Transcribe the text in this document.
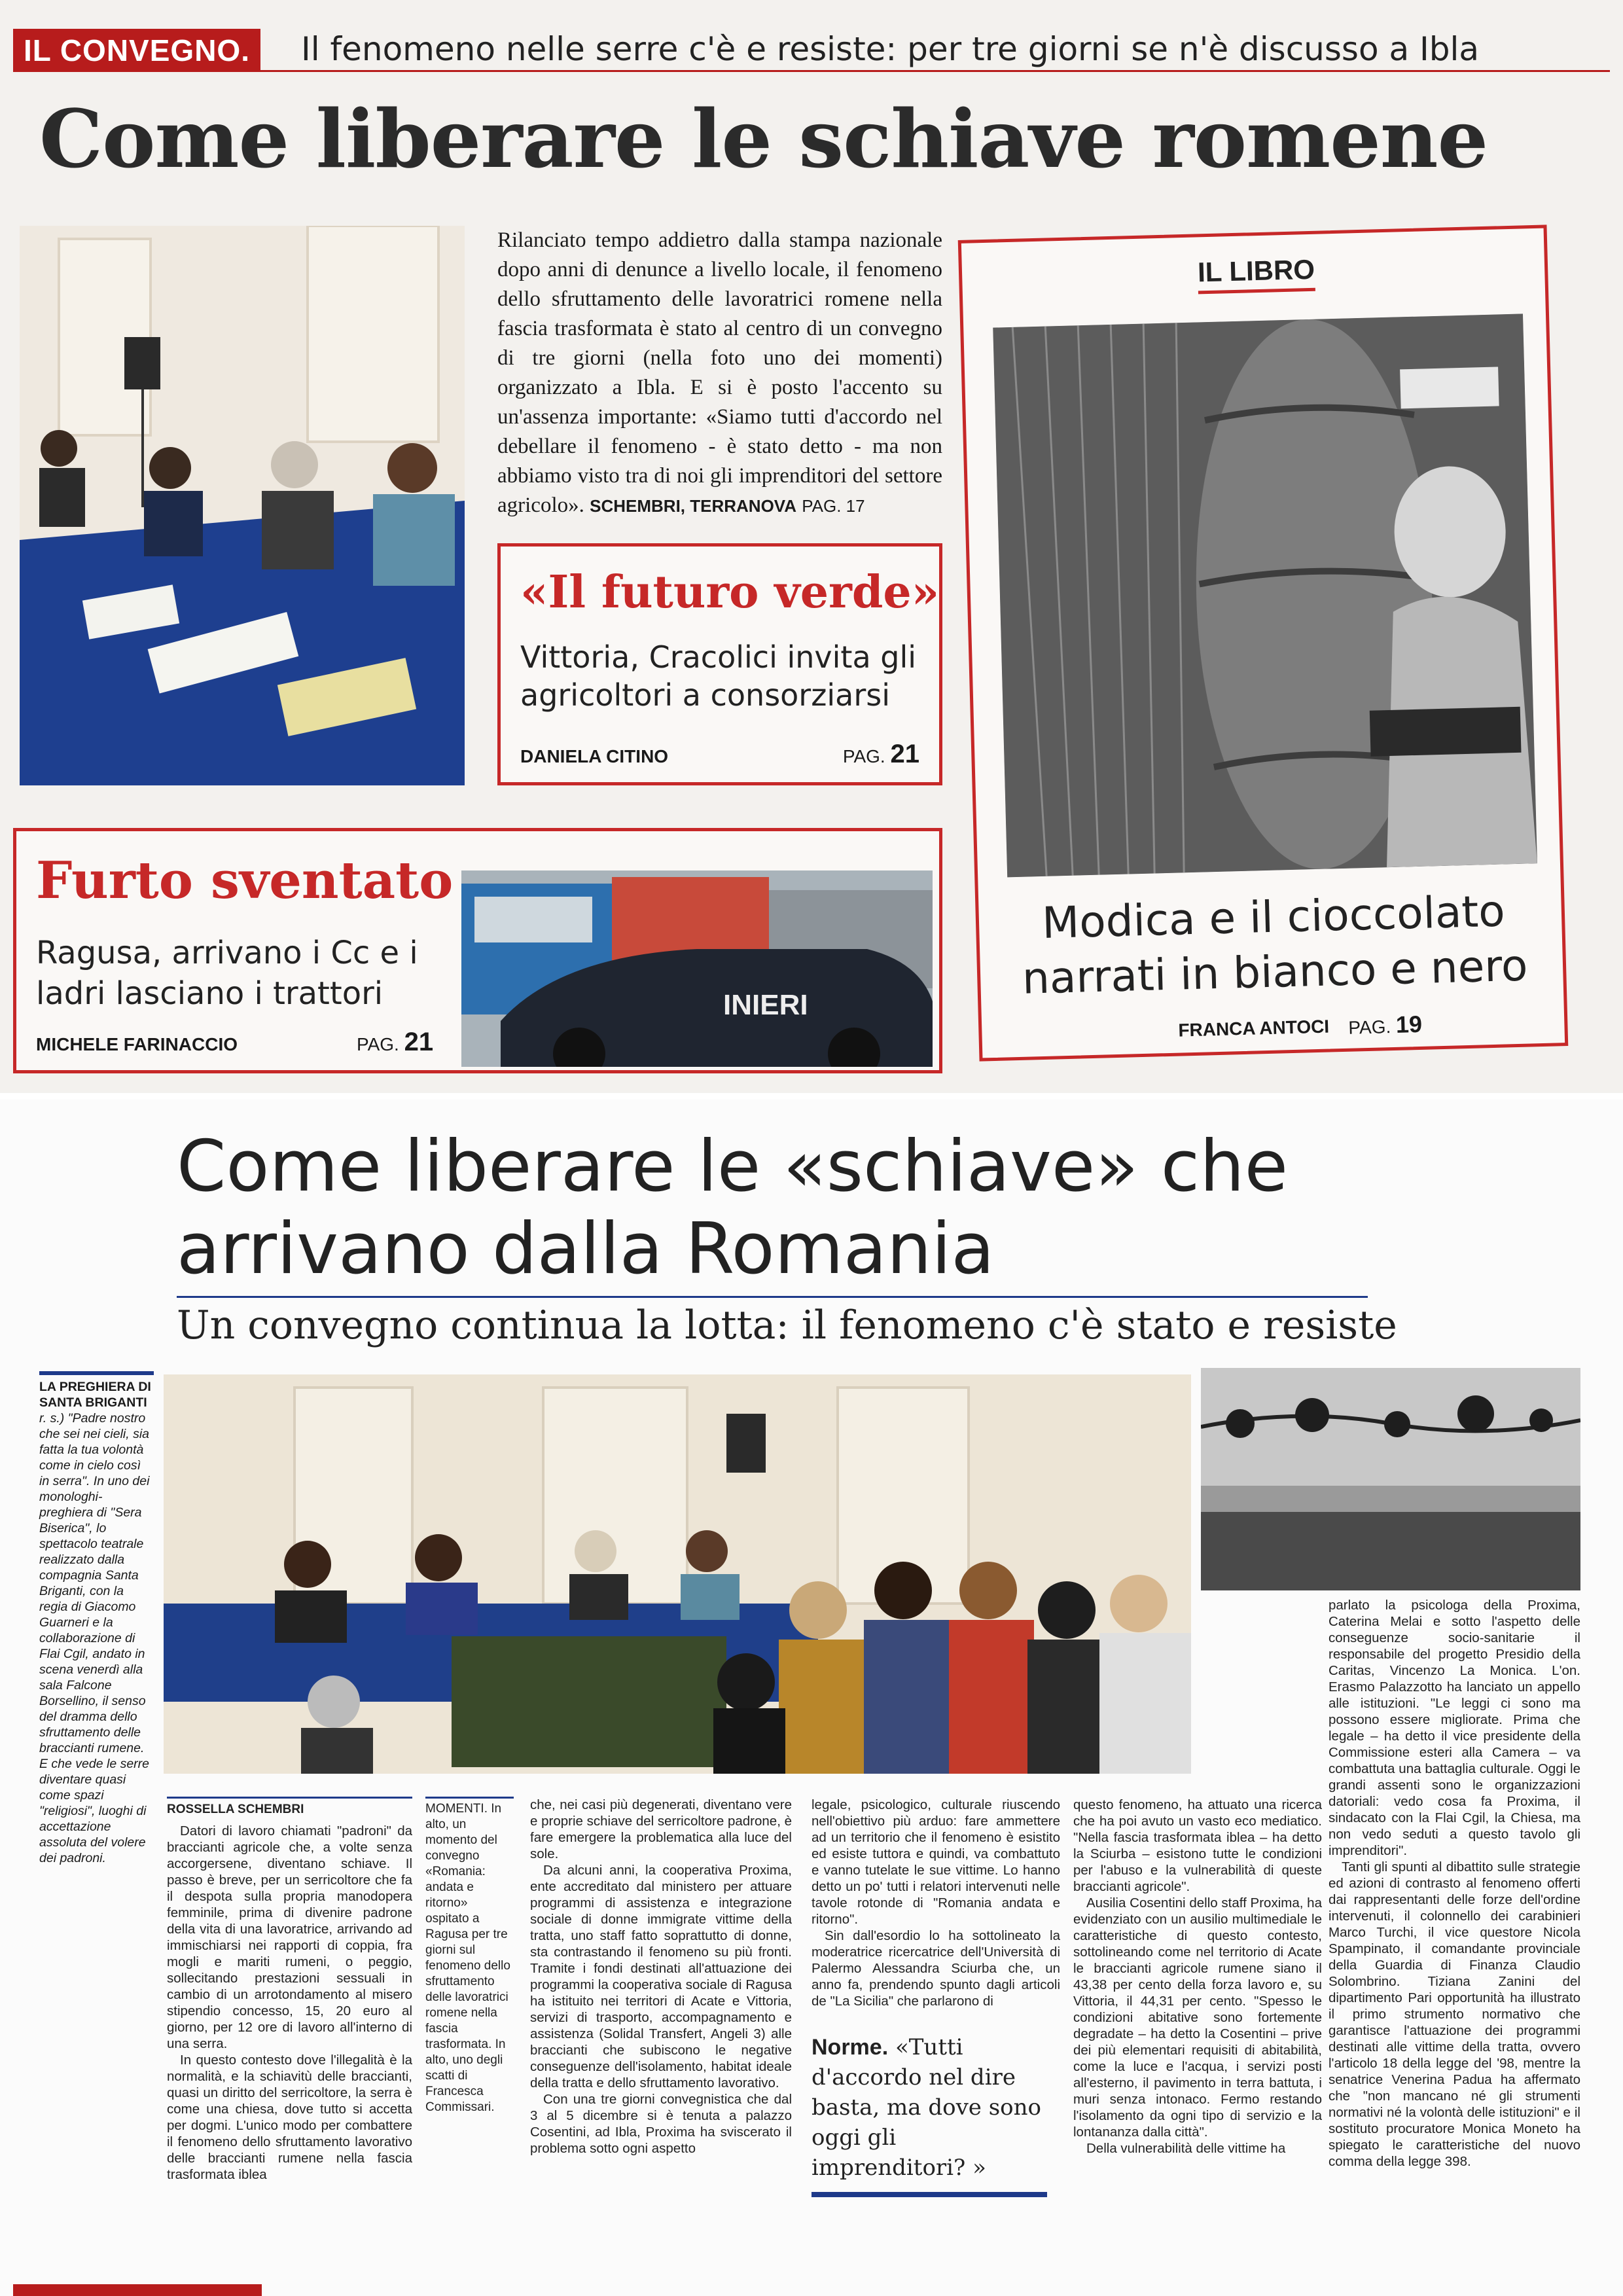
IL CONVEGNO.	Il fenomeno nelle serre c'è e resiste: per tre giorni se n'è discusso a Ibla
Come liberare le schiave romene
Rilanciato tempo addietro dalla stampa nazionale dopo anni di denunce a livello locale, il fenomeno dello sfruttamento delle lavoratrici romene nella fascia trasformata è stato al centro di un convegno di tre giorni (nella foto uno dei momenti) organizzato a Ibla. E si è posto l'accento su un'assenza importante: «Siamo tutti d'accordo nel debellare il fenomeno - è stato detto - ma non abbiamo visto tra di noi gli imprenditori del settore agricolo». SCHEMBRI, TERRANOVA PAG. 17
«Il futuro verde»
Vittoria, Cracolici invita gli agricoltori a consorziarsi
DANIELA CITINO	PAG. 21
IL LIBRO
Modica e il cioccolato narrati in bianco e nero
FRANCA ANTOCI PAG. 19
Furto sventato
Ragusa, arrivano i Cc e i ladri lasciano i trattori
MICHELE FARINACCIO	PAG. 21
INIERI
Come liberare le «schiave» che arrivano dalla Romania
Un convegno continua la lotta: il fenomeno c'è stato e resiste
LA PREGHIERA DI SANTA BRIGANTI
r. s.) "Padre nostro che sei nei cieli, sia fatta la tua volontà come in cielo così in serra". In uno dei monologhi-preghiera di "Sera Biserica", lo spettacolo teatrale realizzato dalla compagnia Santa Briganti, con la regia di Giacomo Guarneri e la collaborazione di Flai Cgil, andato in scena venerdì alla sala Falcone Borsellino, il senso del dramma dello sfruttamento delle braccianti rumene. E che vede le serre diventare quasi come spazi "religiosi", luoghi di accettazione assoluta del volere dei padroni.

ROSSELLA SCHEMBRI

Datori di lavoro chiamati "padroni" da braccianti agricole che, a volte senza accorgersene, diventano schiave. Il passo è breve, per un serricoltore che fa il despota sulla propria manodopera femminile, prima di divenire padrone della vita di una lavoratrice, arrivando ad immischiarsi nei rapporti di coppia, fra mogli e mariti rumeni, o peggio, sollecitando prestazioni sessuali in cambio di un arrotondamento al misero stipendio concesso, 15, 20 euro al giorno, per 12 ore di lavoro all'interno di una serra.

In questo contesto dove l'illegalità è la normalità, e la schiavitù delle braccianti, quasi un diritto del serricoltore, la serra è come una chiesa, dove tutto si accetta per dogmi. L'unico modo per combattere il fenomeno dello sfruttamento lavorativo delle braccianti rumene nella fascia trasformata iblea

MOMENTI. In alto, un momento del convegno «Romania: andata e ritorno» ospitato a Ragusa per tre giorni sul fenomeno dello sfruttamento delle lavoratrici romene nella fascia trasformata. In alto, uno degli scatti di Francesca Commissari.

che, nei casi più degenerati, diventano vere e proprie schiave del serricoltore padrone, è fare emergere la problematica alla luce del sole.

Da alcuni anni, la cooperativa Proxima, ente accreditato dal ministero per attuare programmi di assistenza e integrazione sociale di donne immigrate vittime della tratta, uno staff fatto soprattutto di donne, sta contrastando il fenomeno su più fronti. Tramite i fondi destinati all'attuazione dei programmi la cooperativa sociale di Ragusa ha istituito nei territori di Acate e Vittoria, servizi di trasporto, accompagnamento e assistenza (Solidal Transfert, Angeli 3) alle braccianti che subiscono le negative conseguenze dell'isolamento, habitat ideale della tratta e dello sfruttamento lavorativo.

Con una tre giorni convegnistica che dal 3 al 5 dicembre si è tenuta a palazzo Cosentini, ad Ibla, Proxima ha sviscerato il problema sotto ogni aspetto

legale, psicologico, culturale riuscendo nell'obiettivo più arduo: fare ammettere ad un territorio che il fenomeno è esistito ed esiste tuttora e quindi, va combattuto e vanno tutelate le sue vittime. Lo hanno detto un po' tutti i relatori intervenuti nelle tavole rotonde di "Romania andata e ritorno".

Sin dall'esordio lo ha sottolineato la moderatrice ricercatrice dell'Università di Palermo Alessandra Sciurba che, un anno fa, prendendo spunto dagli articoli de "La Sicilia" che parlarono di

Norme. «Tutti d'accordo nel dire basta, ma dove sono oggi gli imprenditori? »

questo fenomeno, ha attuato una ricerca che ha poi avuto un vasto eco mediatico. "Nella fascia trasformata iblea – ha detto la Sciurba – esistono tutte le condizioni per l'abuso e la vulnerabilità di queste braccianti agricole".

Ausilia Cosentini dello staff Proxima, ha evidenziato con un ausilio multimediale le caratteristiche di questo contesto, sottolineando come nel territorio di Acate le braccianti agricole rumene siano il 43,38 per cento della forza lavoro e, su Vittoria, il 44,31 per cento. "Spesso le condizioni abitative sono fortemente degradate – ha detto la Cosentini – prive dei più elementari requisiti di abitabilità, come la luce e l'acqua, i servizi posti all'esterno, il pavimento in terra battuta, i muri senza intonaco. Fermo restando l'isolamento da ogni tipo di servizio e la lontananza dalla città".

Della vulnerabilità delle vittime ha

parlato la psicologa della Proxima, Caterina Melai e sotto l'aspetto delle conseguenze socio-sanitarie il responsabile del progetto Presidio della Caritas, Vincenzo La Monica. L'on. Erasmo Palazzotto ha lanciato un appello alle istituzioni. "Le leggi ci sono ma possono essere migliorate. Prima che legale – ha detto il vice presidente della Commissione esteri alla Camera – va combattuta una battaglia culturale. Oggi le grandi assenti sono le organizzazioni datoriali: vedo cosa fa Proxima, il sindacato con la Flai Cgil, la Chiesa, ma non vedo seduti a questo tavolo gli imprenditori".

Tanti gli spunti al dibattito sulle strategie ed azioni di contrasto al fenomeno offerti dai rappresentanti delle forze dell'ordine intervenuti, il colonnello dei carabinieri Marco Turchi, il vice questore Nicola Spampinato, il comandante provinciale della Guardia di Finanza Claudio Solombrino. Tiziana Zanini del dipartimento Pari opportunità ha illustrato il primo strumento normativo che garantisce l'attuazione dei programmi destinati alle vittime della tratta, ovvero l'articolo 18 della legge del '98, mentre la senatrice Venerina Padua ha affermato che "non mancano né gli strumenti normativi né la volontà delle istituzioni" e il sostituto procuratore Monica Moneto ha spiegato le caratteristiche del nuovo comma della legge 398.
